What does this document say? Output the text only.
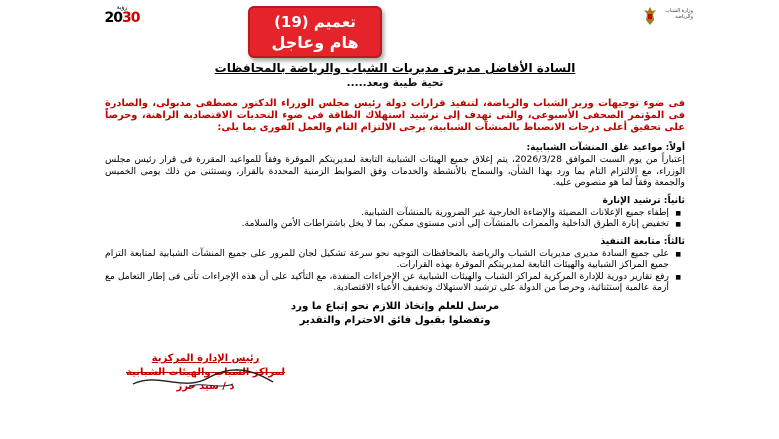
رؤية
2030	وزارة الشباب والرياضة
تعميم (19)
هام وعاجل
السادة الأفاضل مديرى مديريات الشباب والرياضة بالمحافظات
تحية طيبة وبعد.....

فى ضوء توجيهات وزير الشباب والرياضة، لتنفيذ قرارات دولة رئيس مجلس الوزراء الدكتور مصطفى مدبولى، والصادرة فى المؤتمر الصحفى الأسبوعى، والتى تهدف إلى ترشيد استهلاك الطاقة فى ضوء التحديات الاقتصادية الراهنة، وحرصاً على تحقيق أعلى درجات الانضباط بالمنشآت الشبابية، يرجى الالتزام التام والعمل الفورى بما يلى:

أولاً: مواعيد غلق المنشآت الشبابية:

إعتباراً من يوم السبت الموافق 2026/3/28، يتم إغلاق جميع الهيئات الشبابية التابعة لمديريتكم الموقرة وفقاً للمواعيد المقررة فى قرار رئيس مجلس الوزراء، مع الالتزام التام بما ورد بهذا الشأن، والسماح بالأنشطة والخدمات وفق الضوابط الزمنية المحددة بالقرار، ويستثنى من ذلك يومى الخميس والجمعة وفقاً لما هو منصوص عليه.

ثانياً: ترشيد الإنارة

■ إطفاء جميع الإعلانات المضيئة والإضاءة الخارجية غير الضرورية بالمنشآت الشبابية.
■ تخفيض إنارة الطرق الداخلية والممرات بالمنشآت إلى أدنى مستوى ممكن، بما لا يخل باشتراطات الأمن والسلامة.

ثالثاً: متابعة التنفيذ

■ على جميع السادة مديرى مديريات الشباب والرياضة بالمحافظات التوجيه نحو سرعة تشكيل لجان للمرور على جميع المنشآت الشبابية لمتابعة التزام جميع المراكز الشبابية والهيئات التابعة لمديريتكم الموقرة بهذه القرارات.
■ رفع تقارير دورية للإدارة المركزية لمراكز الشباب والهيئات الشبابية عن الإجراءات المنفذة، مع التأكيد على أن هذه الإجراءات تأتى فى إطار التعامل مع أزمة عالمية إستثنائية، وحرصاً من الدولة على ترشيد الاستهلاك وتخفيف الأعباء الاقتصادية.
مرسل للعلم وإتخاذ اللازم نحو إتباع ما ورد
وتفضلوا بقبول فائق الاحترام والتقدير
رئيس الإدارة المركزية
لمراكز الشباب والهيئات الشبابية
د / سيد حرز
